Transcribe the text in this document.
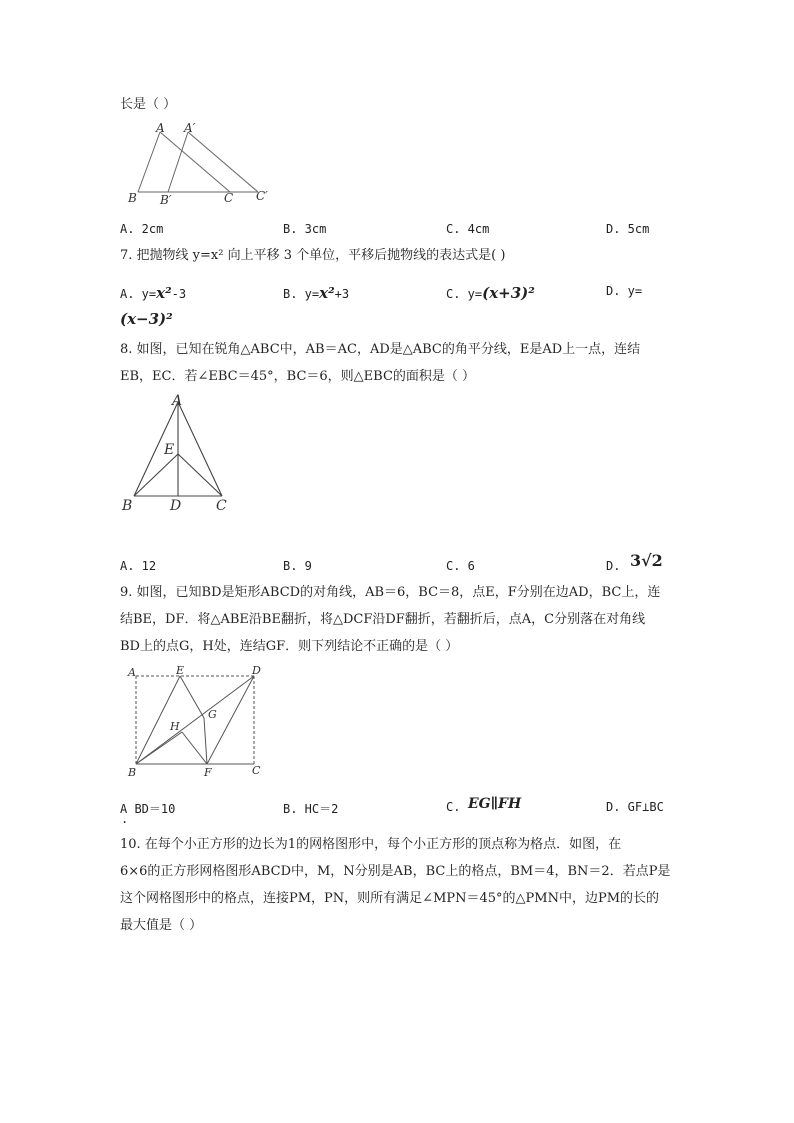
长是（ ）
A A′
B B′	C C′
A. 2cm	B. 3cm	C. 4cm	D. 5cm
7. 把抛物线 y=x² 向上平移 3 个单位，平移后抛物线的表达式是( )
A. y=x²-3	B. y=x²+3	C. y=(x+3)²	D. y=
(x−3)²
8. 如图，已知在锐角△ABC中，AB＝AC，AD是△ABC的角平分线，E是AD上一点，连结
EB，EC．若∠EBC＝45°，BC＝6，则△EBC的面积是（ ）
A
E
B	D C
A. 12	B. 9	C. 6	D. 3√2
9. 如图，已知BD是矩形ABCD的对角线，AB＝6，BC＝8，点E，F分别在边AD，BC上，连
结BE，DF．将△ABE沿BE翻折，将△DCF沿DF翻折，若翻折后，点A，C分别落在对角线
BD上的点G，H处，连结GF．则下列结论不正确的是（ ）
A	E	D
H
G
B	F	C
A BD＝10
.
B. HC＝2	C. EG∥FH	D. GF⊥BC
10. 在每个小正方形的边长为1的网格图形中，每个小正方形的顶点称为格点．如图，在
6×6的正方形网格图形ABCD中，M，N分别是AB，BC上的格点，BM＝4，BN＝2．若点P是
这个网格图形中的格点，连接PM，PN，则所有满足∠MPN＝45°的△PMN中，边PM的长的
最大值是（ ）
